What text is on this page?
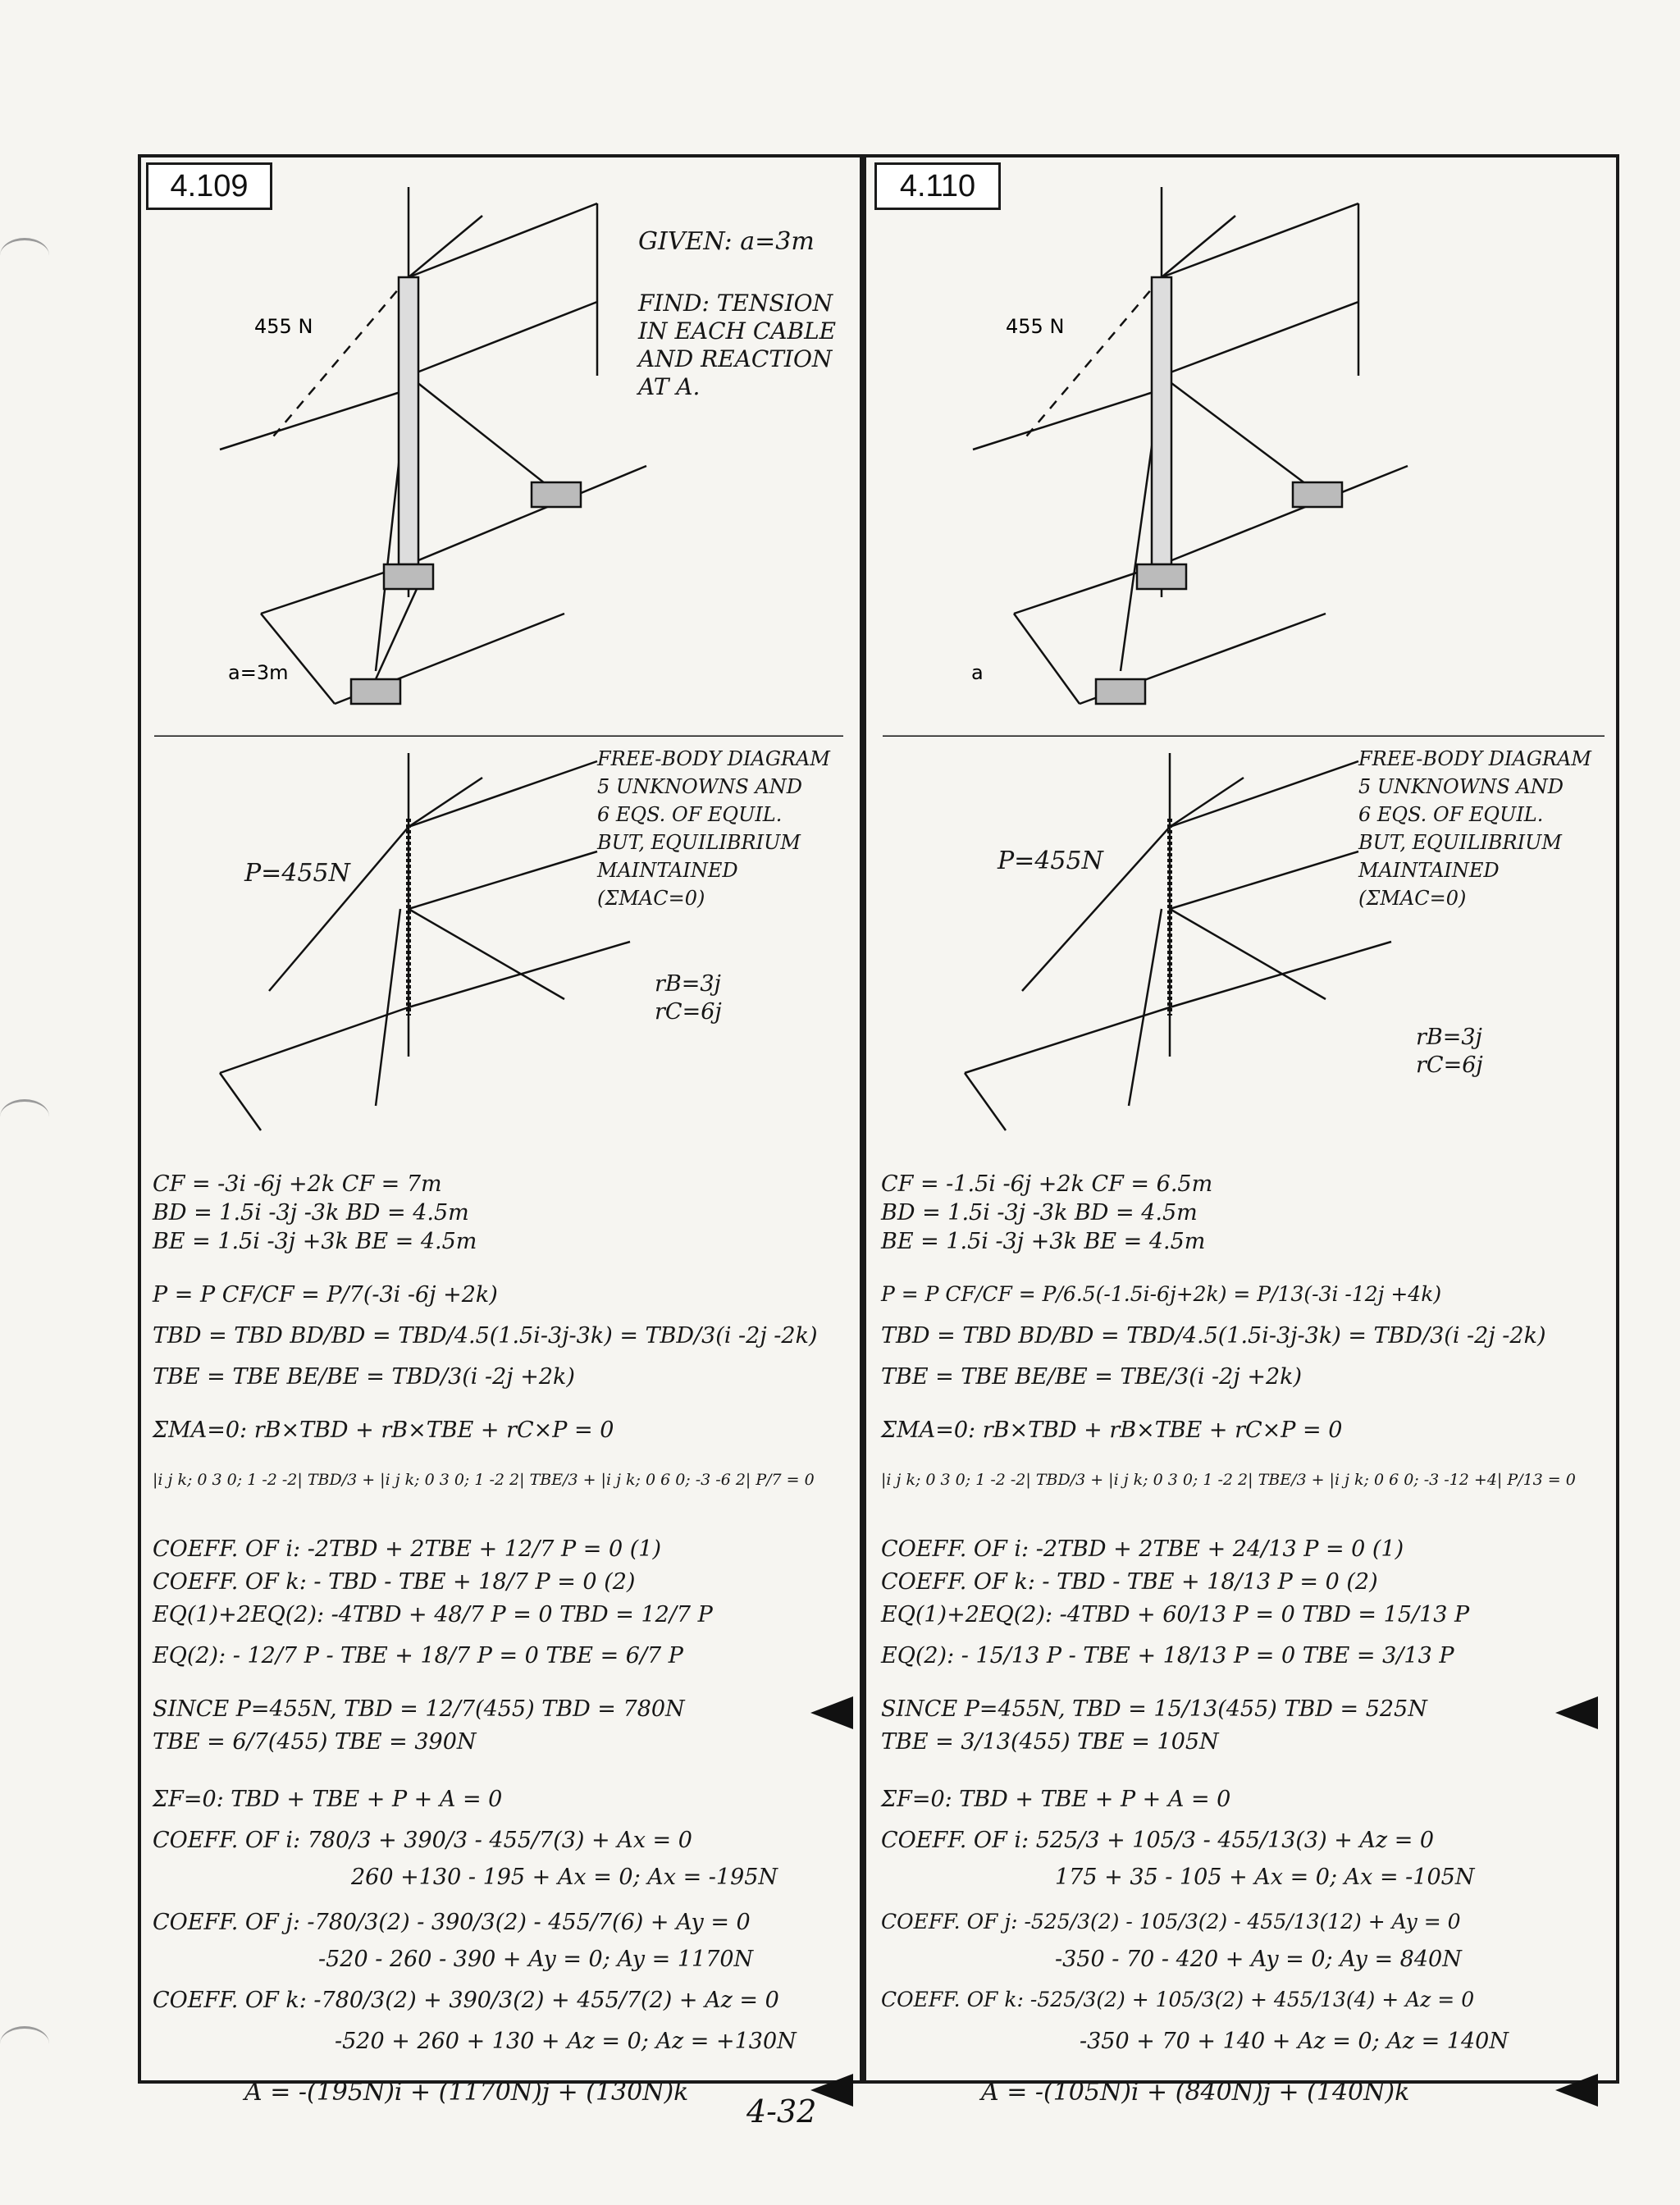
4.109
455 N
a=3m
GIVEN: a=3m
FIND: TENSION
IN EACH CABLE
AND REACTION
AT A.
FREE-BODY DIAGRAM
5 UNKNOWNS AND
6 EQS. OF EQUIL.
BUT, EQUILIBRIUM
MAINTAINED
(ΣMAC=0)
rB=3j
rC=6j
P=455N
CF = -3i -6j +2k CF = 7m
BD = 1.5i -3j -3k BD = 4.5m
BE = 1.5i -3j +3k BE = 4.5m
P = P CF/CF = P/7(-3i -6j +2k)
TBD = TBD BD/BD = TBD/4.5(1.5i-3j-3k) = TBD/3(i -2j -2k)
TBE = TBE BE/BE = TBD/3(i -2j +2k)
ΣMA=0: rB×TBD + rB×TBE + rC×P = 0
|i j k; 0 3 0; 1 -2 -2| TBD/3 + |i j k; 0 3 0; 1 -2 2| TBE/3 + |i j k; 0 6 0; -3 -6 2| P/7 = 0
COEFF. OF i: -2TBD + 2TBE + 12/7 P = 0 (1)
COEFF. OF k: - TBD - TBE + 18/7 P = 0 (2)
EQ(1)+2EQ(2): -4TBD + 48/7 P = 0 TBD = 12/7 P
EQ(2): - 12/7 P - TBE + 18/7 P = 0 TBE = 6/7 P
SINCE P=455N, TBD = 12/7(455) TBD = 780N
TBE = 6/7(455) TBE = 390N
ΣF=0: TBD + TBE + P + A = 0
COEFF. OF i: 780/3 + 390/3 - 455/7(3) + Ax = 0
260 +130 - 195 + Ax = 0; Ax = -195N
COEFF. OF j: -780/3(2) - 390/3(2) - 455/7(6) + Ay = 0
-520 - 260 - 390 + Ay = 0; Ay = 1170N
COEFF. OF k: -780/3(2) + 390/3(2) + 455/7(2) + Az = 0
-520 + 260 + 130 + Az = 0; Az = +130N
A = -(195N)i + (1170N)j + (130N)k
4.110
455 N
a
FREE-BODY DIAGRAM
5 UNKNOWNS AND
6 EQS. OF EQUIL.
BUT, EQUILIBRIUM
MAINTAINED
(ΣMAC=0)
rB=3j
rC=6j
P=455N
CF = -1.5i -6j +2k CF = 6.5m
BD = 1.5i -3j -3k BD = 4.5m
BE = 1.5i -3j +3k BE = 4.5m
P = P CF/CF = P/6.5(-1.5i-6j+2k) = P/13(-3i -12j +4k)
TBD = TBD BD/BD = TBD/4.5(1.5i-3j-3k) = TBD/3(i -2j -2k)
TBE = TBE BE/BE = TBE/3(i -2j +2k)
ΣMA=0: rB×TBD + rB×TBE + rC×P = 0
|i j k; 0 3 0; 1 -2 -2| TBD/3 + |i j k; 0 3 0; 1 -2 2| TBE/3 + |i j k; 0 6 0; -3 -12 +4| P/13 = 0
COEFF. OF i: -2TBD + 2TBE + 24/13 P = 0 (1)
COEFF. OF k: - TBD - TBE + 18/13 P = 0 (2)
EQ(1)+2EQ(2): -4TBD + 60/13 P = 0 TBD = 15/13 P
EQ(2): - 15/13 P - TBE + 18/13 P = 0 TBE = 3/13 P
SINCE P=455N, TBD = 15/13(455) TBD = 525N
TBE = 3/13(455) TBE = 105N
ΣF=0: TBD + TBE + P + A = 0
COEFF. OF i: 525/3 + 105/3 - 455/13(3) + Az = 0
175 + 35 - 105 + Ax = 0; Ax = -105N
COEFF. OF j: -525/3(2) - 105/3(2) - 455/13(12) + Ay = 0
-350 - 70 - 420 + Ay = 0; Ay = 840N
COEFF. OF k: -525/3(2) + 105/3(2) + 455/13(4) + Az = 0
-350 + 70 + 140 + Az = 0; Az = 140N
A = -(105N)i + (840N)j + (140N)k
4-32
